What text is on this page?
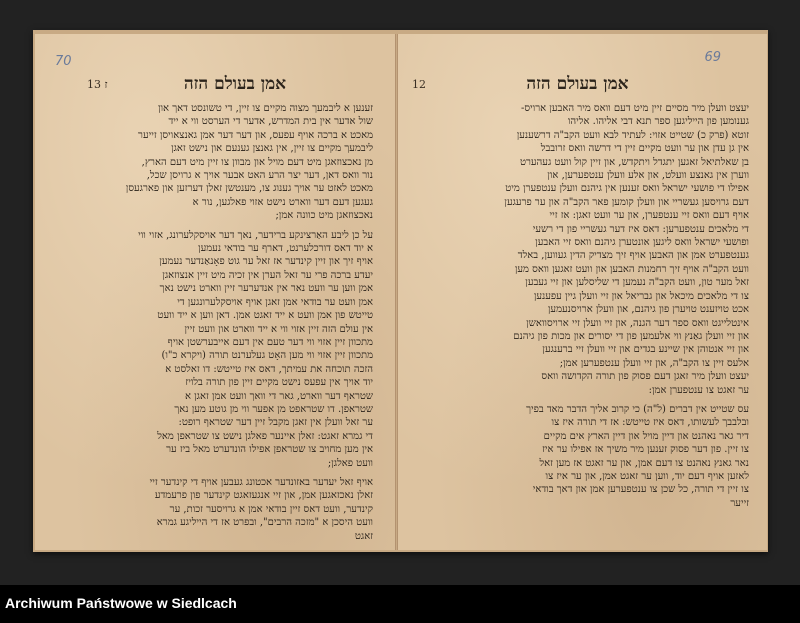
70
13 ז	אמן בעולם הזה
זענען א ליבמעך מצוה מקיים צו זיין, די טשונסט דאך און
שול אדער אין בית המדרש, אדער די הערסט ווי א ייד
מאכט א ברכה אויף עפעס, און דער דער אמן גאנצאויסן זייער
ליבמעך מקיים צו זיין, אין גאנצן גענעם און נישט זאגן
מן נאכצוזאגן מיט דעם מויל און מבוון צו זיין מיט דעם הארץ,
נור וואס דאן, דער יצר הרע האט אבער אויך א גרויסן שכל,
מאכט לאזט ער אויך גענוג צו, מענטשן זאלן דערזען און פארגעסן
געגען דעם דער ווארט נישט אזוי פאלגען, נור א
נאכצוזאגן מיט כוונה אמן;
על כן ליבע האַרצינקע ברידער, נאך דער אויסקלערונג, אזוי ווי
א יוד דאס דורכלערנט, דארף ער בודאי נעמען
אויף זיך און זיין קינדער אז זאל ער גוט פאָנאַנדער נעמען
יעדע ברכה פרי ער זאל הערן אין זכיה מיט זיין אנצוזאגן
אמן ווען ער וועט נאר אין אנדערער זיין ווארט נישט נאך
אמן וועט ער בודאי אמן זאגן אויף אויסקלערונגען די
טייטש פון אמן וועט א ייד זאגט אמן. דאן ווען א ייד וועט
אין עולם הזה זיין אזוי ווי א ייד ווארט און וועט זיין
מתכוון זיין אזוי ווי דער טעם אין דעם אייבערשטן אויף
מתכוון זיין אזוי ווי מען האָט געלערנט תורה (ויקרא כ"ו)
הזכה תוכחה את עמיתך, דאס איז טייטש: דו זאלסט א
יוד אויך אין עפעס נישט מקיים זיין פון תורה בלויז
שטראף דער ווארט, גאר די וואך וועט אמן זאגן א
שטראפן. דו שטראפט מן אפער ווי מן גוטע מען נאך
ער זאל וועלן אין זאגן מקבל זיין דער שטראף רופט:
די גמרא זאגט: זאלן איינער פאלגן נישט צו שטראפן מאל
אין מען מחויב צו שטראפן אפילו הונדערט מאל ביז ער
וועט פאלגן;
אויף זאל יעדער באזונדער אכטונג געבען אויף די קינדער זיי
זאלן נאכזאגען אמן, און זיי אנגעזאגט קינדער פון פרעמדע
קינדער, וועט דאס זיין בודאי אמן א גרויסער זכות, ער
וועט היסכן א "מזכה הרבים", ובפרט אז די הייליגע גמרא
זאגט
69
12	אמן בעולם הזה
יעצט וועלן מיר מסיים זיין מיט דעם וואס מיר האבען ארויס-
גענומען פון הייליגען ספר תנא דבי אליהו. אליהו
זוטא (פרק כ) שטייט אזוי: לעתיד לבא וועט הקב"ה דרשענען
אין גן עדן און ער וועט מקיים זיין די דרשה וואס זרובבל
בן שאלתיאל זאגען יתגדל ויתקדש, און זיין קול וועט געהערט
ווערן אין גאנצע וועלט, און אלע וועלן ענטפערען, און
אפילו די פושעי ישראל וואס זענען אין גיהנם וועלן ענטפערן מיט
דעם גרויסען געשריי און וועלן קומען פאר הקב"ה און ער פרעגען
אויף דעם וואס זיי ענטפערן, און ער וועט זאגן: אז זיי
די מלאכים ענטפערען: דאס איז דער געשריי פון די רשעי
ופושעי ישראל וואס ליגען אונטערן גיהנם וואס זיי האבען
גענטפערט אמן און האבען אויף זיך מצדיק הדין געווען, באלד
וועט הקב"ה אויף זיך רחמנות האבען און וועט זאגען וואס מען
זאל מער טון, וועט הקב"ה נעמען די שליסלען און זיי געבען
צו די מלאכים מיכאל און גבריאל און זיי וועלן גיין עפענען
אכט טויזענט טויערן פון גיהנם, און וועלן ארויסנעמען
אינטלייגט וואס ספר דער הגנה, און זיי וועלן זיי ארויסוואשן
און זיי וועלן גאַנץ ווי אלעמען פון די יסורים און מכות פון גיהנם
און זיי אנטוהן אין שיינע בגדים און זיי וועלן זיי ברענגען
אלעס זיין צו הקב"ה, און זיי וועלן ענטפערען אמן;
יעצט וועלן מיר זאגן דעם פסוק פון תורה הקדושה וואס
ער זאגט צו ענטפערן אמן:
עס שטייט אין דברים (ל"ה) כי קרוב אליך הדבר מאד בפיך
ובלבבך לעשותו, דאס איז טייטש: אז די תורה איז צו
דיר גאר נאהנט און דיין מויל און דיין הארץ אים מקיים
צו זיין. פון דער פסוק זענען מיר משיך אז אפילו ער איז
נאר גאנץ נאהנט צו דעם אמן, און ער זאגט אז מען זאל
לאזען אויף דעם יוד, ווען ער זאגט אמן, און ער איז צו
צו זיין די תורה, כל שכן צו ענטפערען אמן און דאך בודאי
זייער
Archiwum Państwowe w Siedlcach
